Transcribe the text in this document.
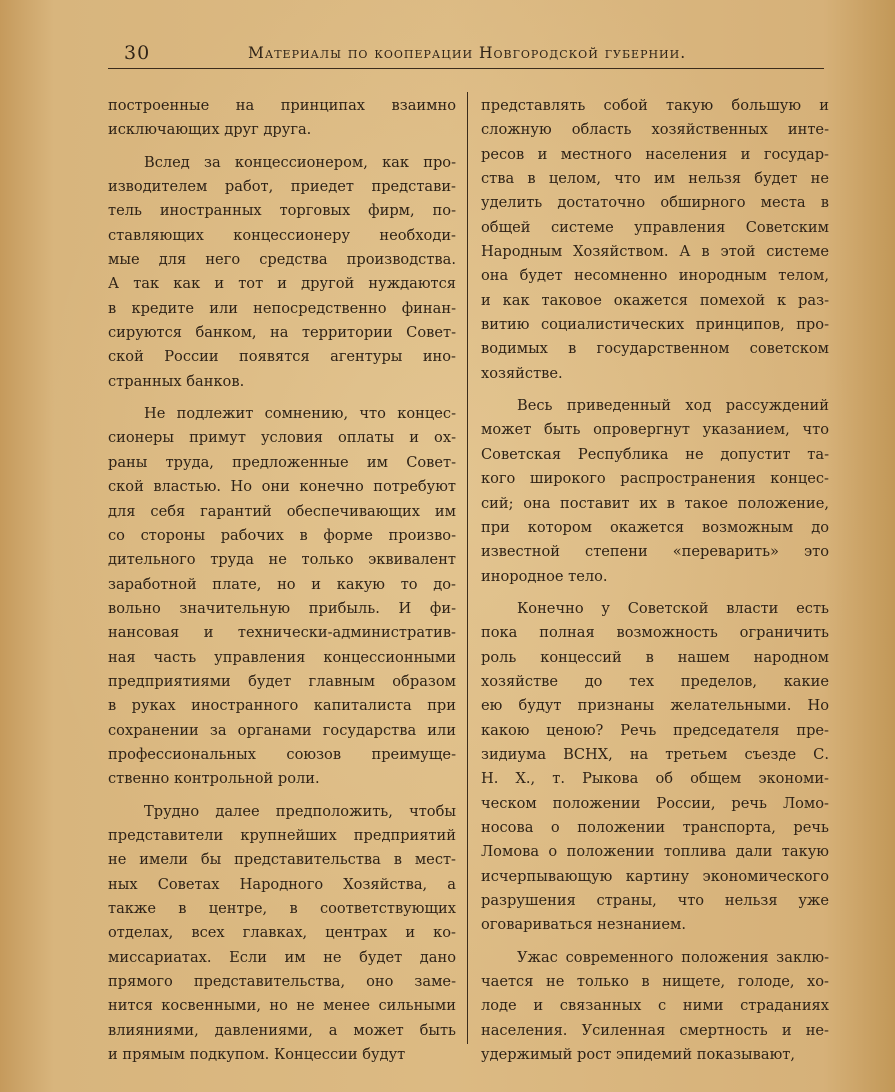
30	Материалы по кооперации Новгородской губернии.
построенные на принципах взаимно
исключающих друг друга.
Вслед за концессионером, как про-
изводителем работ, приедет представи-
тель иностранных торговых фирм, по-
ставляющих концессионеру необходи-
мые для него средства производства.
А так как и тот и другой нуждаются
в кредите или непосредственно финан-
сируются банком, на территории Совет-
ской России появятся агентуры ино-
странных банков.
Не подлежит сомнению, что концес-
сионеры примут условия оплаты и ох-
раны труда, предложенные им Совет-
ской властью. Но они конечно потребуют
для себя гарантий обеспечивающих им
со стороны рабочих в форме произво-
дительного труда не только эквивалент
заработной плате, но и какую то до-
вольно значительную прибыль. И фи-
нансовая и технически-административ-
ная часть управления концессионными
предприятиями будет главным образом
в руках иностранного капиталиста при
сохранении за органами государства или
профессиональных союзов преимуще-
ственно контрольной роли.
Трудно далее предположить, чтобы
представители крупнейших предприятий
не имели бы представительства в мест-
ных Советах Народного Хозяйства, а
также в центре, в соответствующих
отделах, всех главках, центрах и ко-
миссариатах. Если им не будет дано
прямого представительства, оно заме-
нится косвенными, но не менее сильными
влияниями, давлениями, а может быть
и прямым подкупом. Концессии будут
представлять собой такую большую и
сложную область хозяйственных инте-
ресов и местного населения и государ-
ства в целом, что им нельзя будет не
уделить достаточно обширного места в
общей системе управления Советским
Народным Хозяйством. А в этой системе
она будет несомненно инородным телом,
и как таковое окажется помехой к раз-
витию социалистических принципов, про-
водимых в государственном советском
хозяйстве.
Весь приведенный ход рассуждений
может быть опровергнут указанием, что
Советская Республика не допустит та-
кого широкого распространения концес-
сий; она поставит их в такое положение,
при котором окажется возможным до
известной степени «переварить» это
инородное тело.
Конечно у Советской власти есть
пока полная возможность ограничить
роль концессий в нашем народном
хозяйстве до тех пределов, какие
ею будут признаны желательными. Но
какою ценою? Речь председателя пре-
зидиума ВСНХ, на третьем съезде С.
Н. Х., т. Рыкова об общем экономи-
ческом положении России, речь Ломо-
носова о положении транспорта, речь
Ломова о положении топлива дали такую
исчерпывающую картину экономического
разрушения страны, что нельзя уже
оговариваться незнанием.
Ужас современного положения заклю-
чается не только в нищете, голоде, хо-
лоде и связанных с ними страданиях
населения. Усиленная смертность и не-
удержимый рост эпидемий показывают,
